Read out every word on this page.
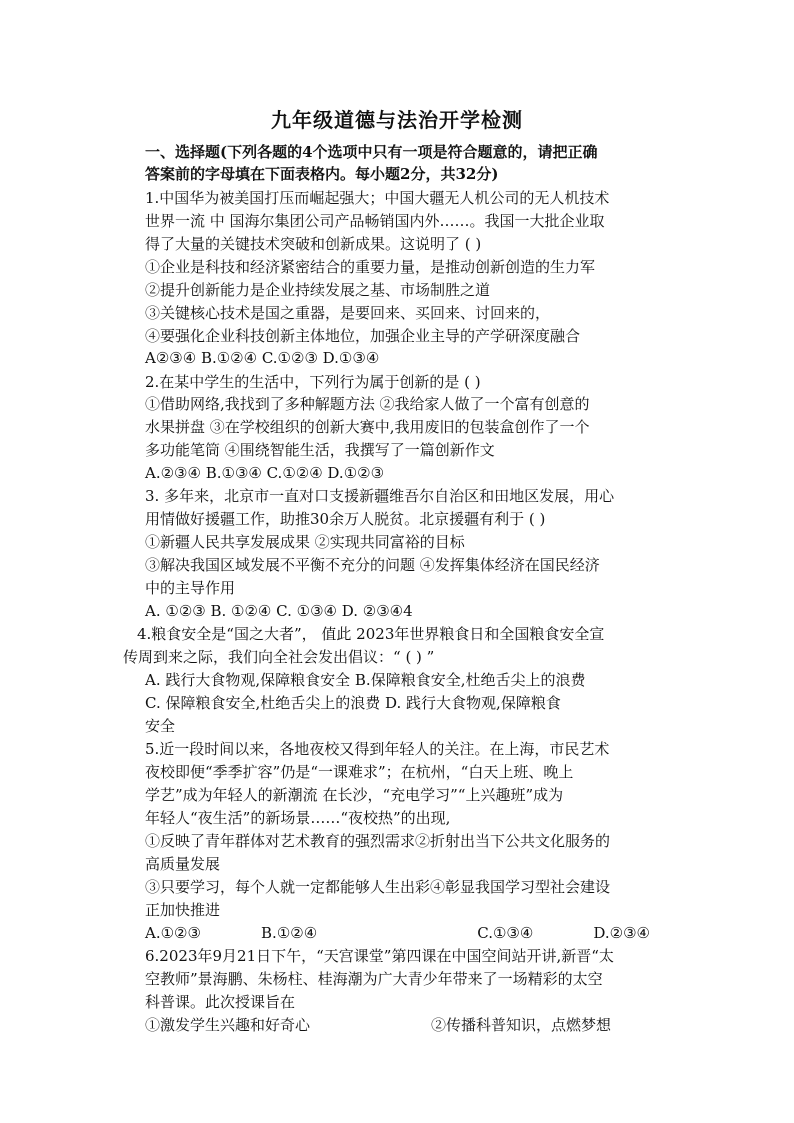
九年级道德与法治开学检测
一、选择题(下列各题的4个选项中只有一项是符合题意的，请把正确
答案前的字母填在下面表格内。每小题2分，共32分)
1.中国华为被美国打压而崛起强大；中国大疆无人机公司的无人机技术
世界一流 中 国海尔集团公司产品畅销国内外……。我国一大批企业取
得了大量的关键技术突破和创新成果。这说明了 ( )
①企业是科技和经济紧密结合的重要力量，是推动创新创造的生力军
②提升创新能力是企业持续发展之基、市场制胜之道
③关键核心技术是国之重器，是要回来、买回来、讨回来的，
④要强化企业科技创新主体地位，加强企业主导的产学研深度融合
A②③④ B.①②④ C.①②③ D.①③④
2.在某中学生的生活中，下列行为属于创新的是 ( )
①借助网络,我找到了多种解题方法 ②我给家人做了一个富有创意的
水果拼盘 ③在学校组织的创新大赛中,我用废旧的包装盒创作了一个
多功能笔筒 ④围绕智能生活，我撰写了一篇创新作文
A.②③④ B.①③④ C.①②④ D.①②③
3. 多年来，北京市一直对口支援新疆维吾尔自治区和田地区发展，用心
用情做好援疆工作，助推30余万人脱贫。北京援疆有利于 ( )
①新疆人民共享发展成果 ②实现共同富裕的目标
③解决我国区域发展不平衡不充分的问题 ④发挥集体经济在国民经济
中的主导作用
A. ①②③ B. ①②④ C. ①③④ D. ②③④4
4.粮食安全是“国之大者”， 值此 2023年世界粮食日和全国粮食安全宣
传周到来之际，我们向全社会发出倡议：“ ( ) ”
A. 践行大食物观,保障粮食安全 B.保障粮食安全,杜绝舌尖上的浪费
C. 保障粮食安全,杜绝舌尖上的浪费 D. 践行大食物观,保障粮食
安全
5.近一段时间以来，各地夜校又得到年轻人的关注。在上海，市民艺术
夜校即便“季季扩容”仍是“一课难求”；在杭州，“白天上班、晚上
学艺”成为年轻人的新潮流 在长沙，“充电学习”“上兴趣班”成为
年轻人“夜生活”的新场景……“夜校热”的出现,
①反映了青年群体对艺术教育的强烈需求②折射出当下公共文化服务的
高质量发展
③只要学习，每个人就一定都能够人生出彩④彰显我国学习型社会建设
正加快推进
A.①②③	B.①②④	C.①③④	D.②③④
6.2023年9月21日下午，“天宫课堂”第四课在中国空间站开讲,新晋“太
空教师”景海鹏、朱杨柱、桂海潮为广大青少年带来了一场精彩的太空
科普课。此次授课旨在
①激发学生兴趣和好奇心	②传播科普知识，点燃梦想
